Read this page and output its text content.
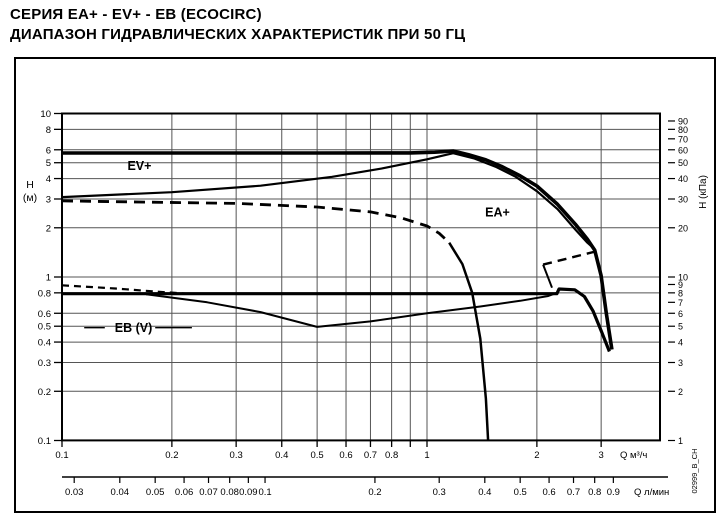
СЕРИЯ EA+ - EV+ - EB (ECOCIRC)
ДИАПАЗОН ГИДРАВЛИЧЕСКИХ ХАРАКТЕРИСТИК ПРИ 50 ГЦ
10
8
6
5
4
3
2
1
0.8
0.6
0.5
0.4
0.3
0.2
0.1
H
(м)
90
80
70
60
50
40
30
20
10
9
8
7
6
5
4
3
2
1
H (кПа)
0.1	0.2	0.3	0.4 0.5 0.6 0.7 0.8	1	2	3 Q м³/ч
0.03	0.04 0.05 0.06 0.07 0.08 0.09 0.1	0.2	0.3	0.4 0.5 0.6 0.7 0.8 0.9 Q л/мин
EV+
EA+
EB (V)
02999_B_CH
